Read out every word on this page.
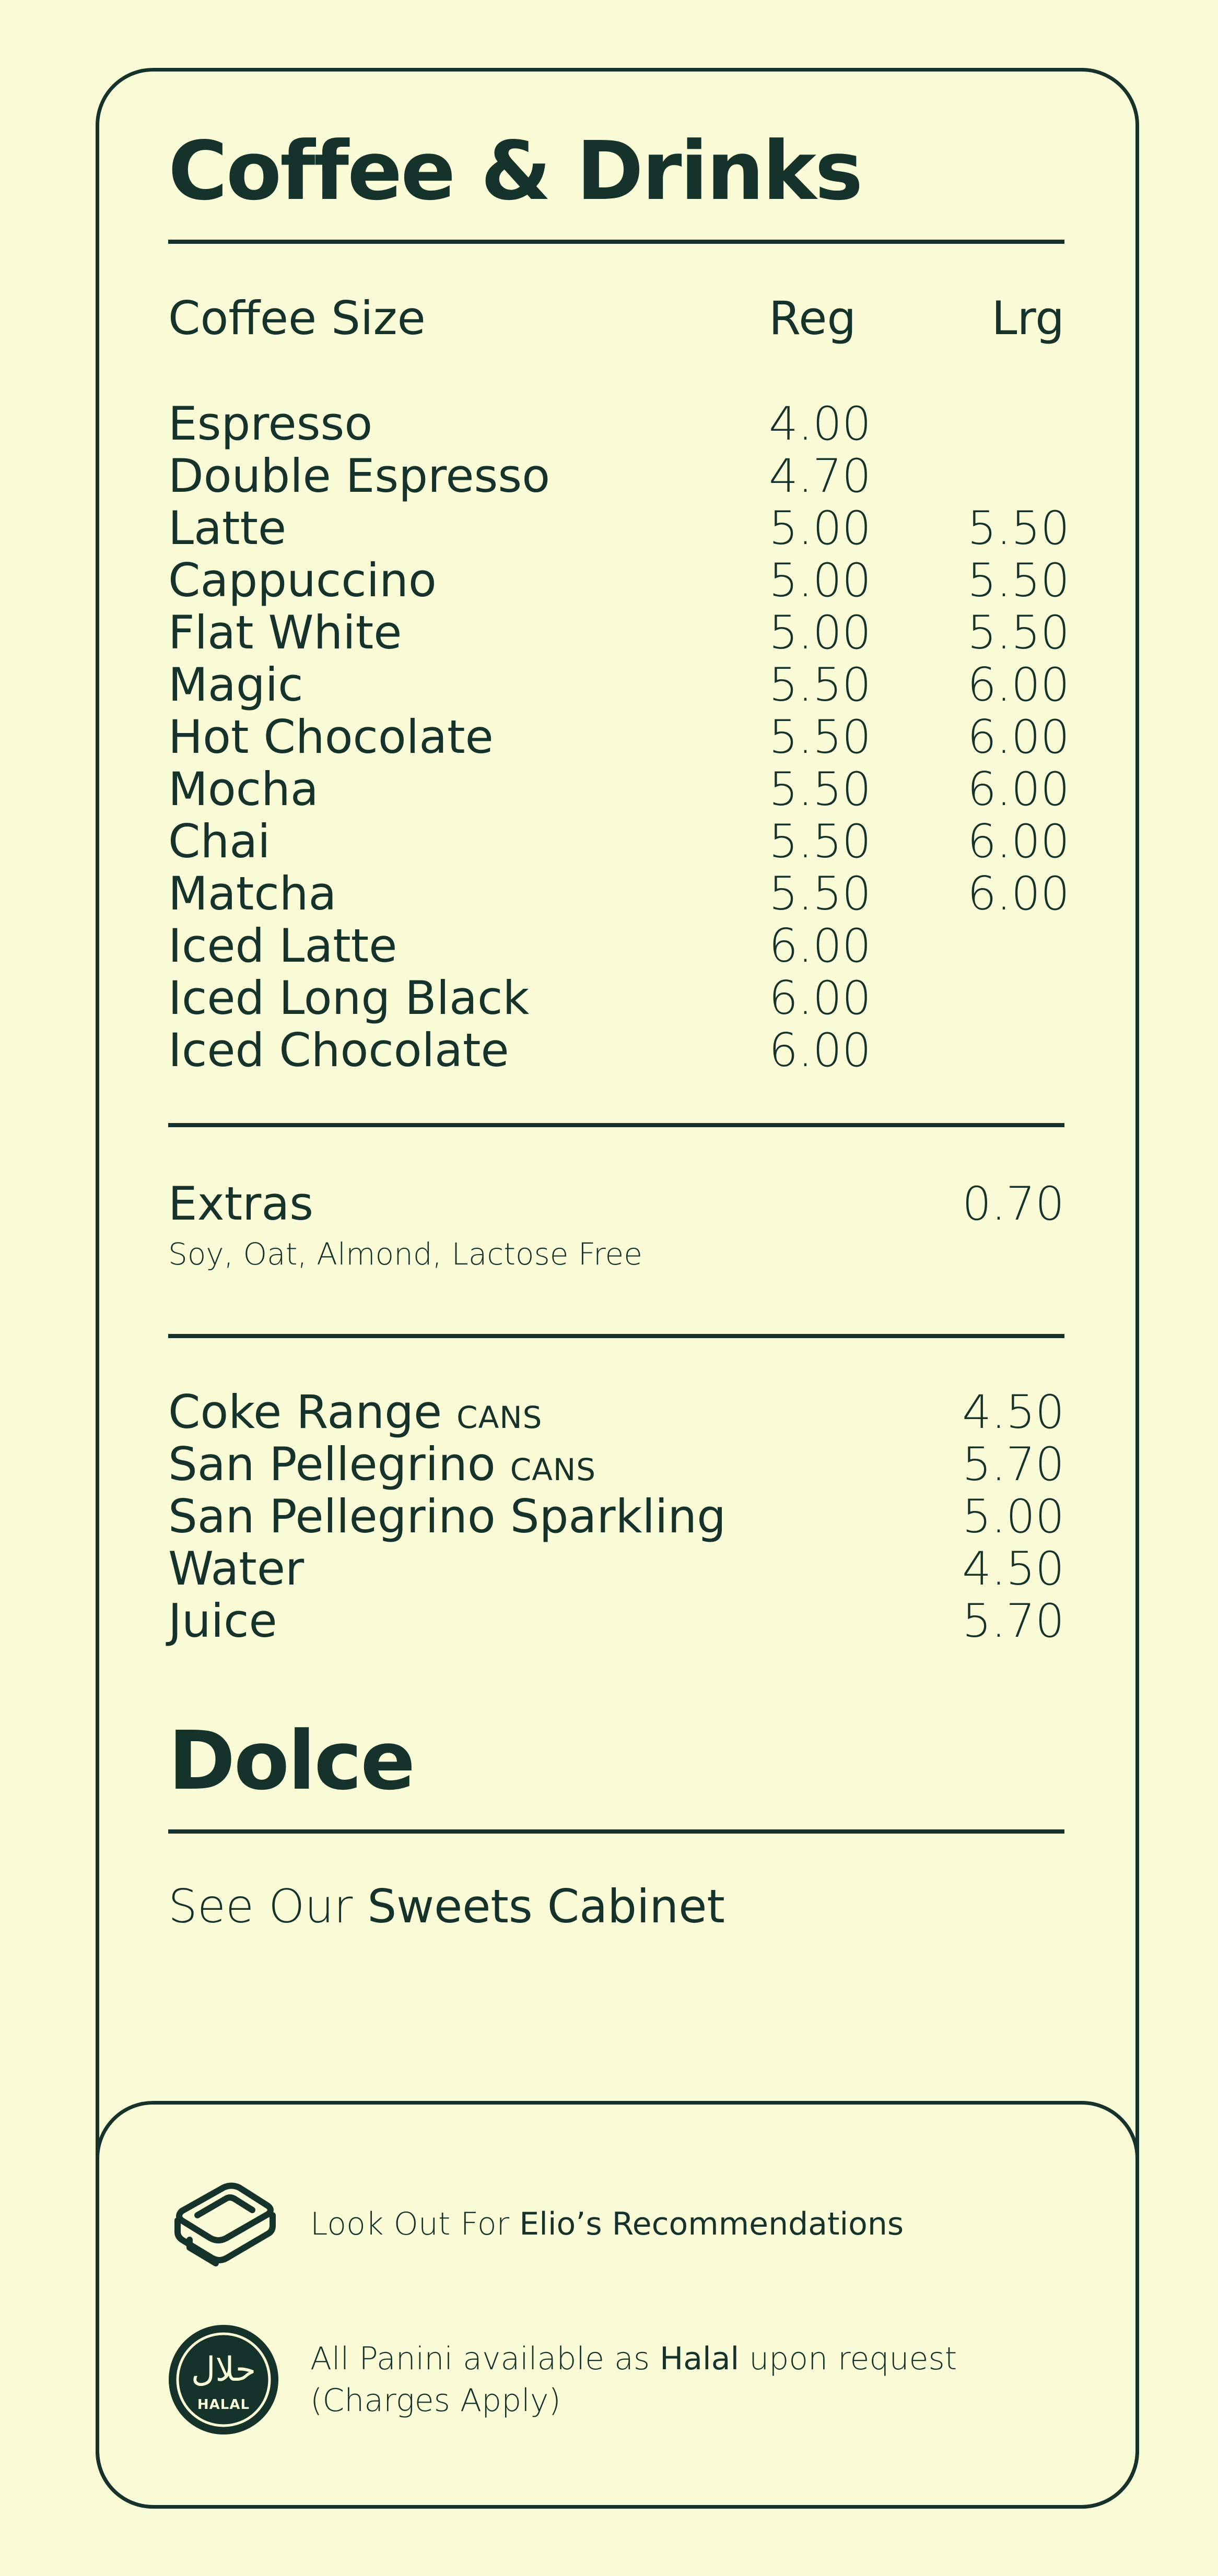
Coffee & Drinks
Coffee Size	Reg	Lrg
Espresso	4.00
Double Espresso	4.70
Latte	5.00	5.50
Cappuccino	5.00	5.50
Flat White	5.00	5.50
Magic	5.50	6.00
Hot Chocolate	5.50	6.00
Mocha	5.50	6.00
Chai	5.50	6.00
Matcha	5.50	6.00
Iced Latte	6.00
Iced Long Black	6.00
Iced Chocolate	6.00
Extras	0.70
Soy, Oat, Almond, Lactose Free
Coke Range CANS	4.50
San Pellegrino CANS	5.70
San Pellegrino Sparkling	5.00
Water	4.50
Juice	5.70
Dolce
See Our Sweets Cabinet
Look Out For Elio’s Recommendations
حلال
HALAL
All Panini available as Halal upon request
(Charges Apply)
